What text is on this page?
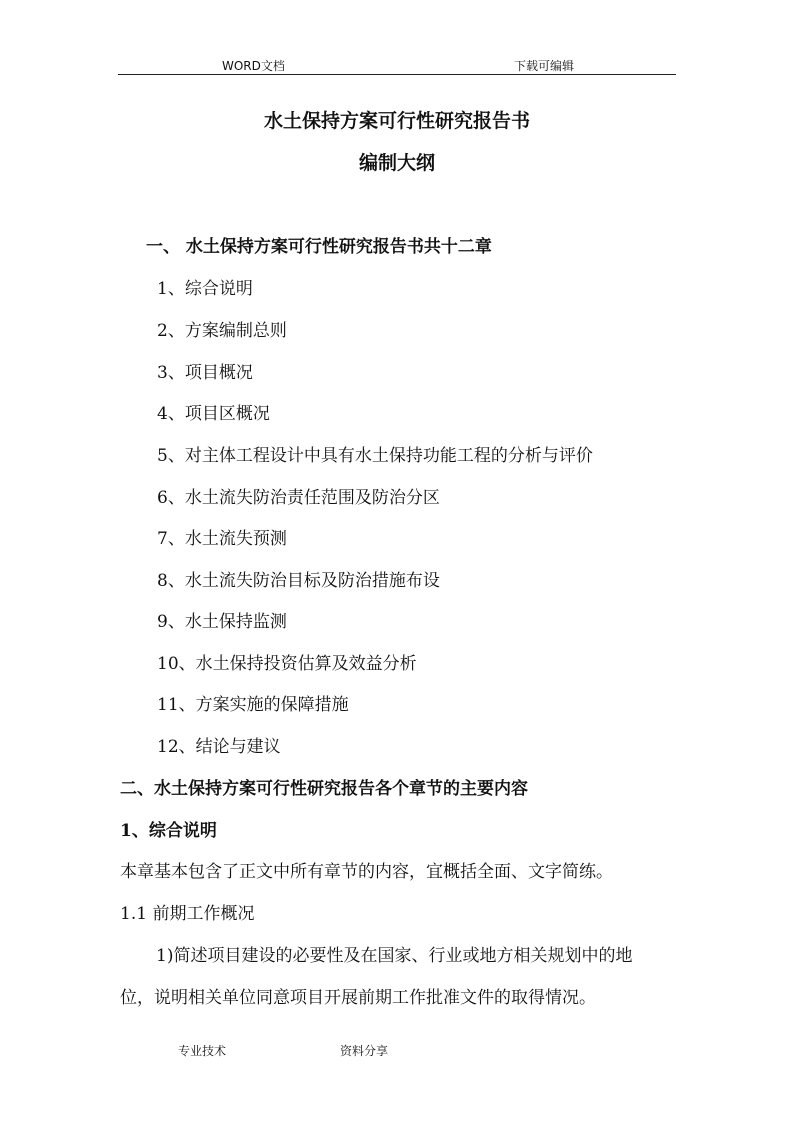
WORD文档	下载可编辑
水土保持方案可行性研究报告书
编制大纲
一、 水土保持方案可行性研究报告书共十二章
1、综合说明
2、方案编制总则
3、项目概况
4、项目区概况
5、对主体工程设计中具有水土保持功能工程的分析与评价
6、水土流失防治责任范围及防治分区
7、水土流失预测
8、水土流失防治目标及防治措施布设
9、水土保持监测
10、水土保持投资估算及效益分析
11、方案实施的保障措施
12、结论与建议
二、水土保持方案可行性研究报告各个章节的主要内容
1、综合说明
本章基本包含了正文中所有章节的内容，宜概括全面、文字简练。
1.1 前期工作概况
1)简述项目建设的必要性及在国家、行业或地方相关规划中的地
位，说明相关单位同意项目开展前期工作批准文件的取得情况。
专业技术	资料分享
